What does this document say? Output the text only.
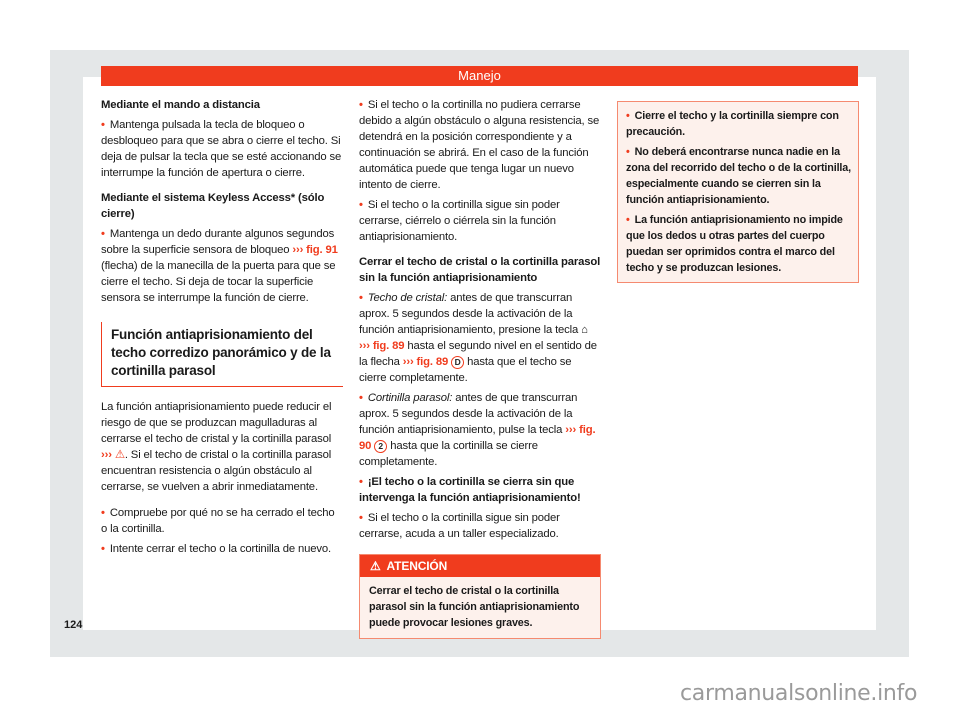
Manejo

Mediante el mando a distancia

• Mantenga pulsada la tecla de bloqueo o desbloqueo para que se abra o cierre el techo. Si deja de pulsar la tecla que se esté accionando se interrumpe la función de apertura o cierre.

Mediante el sistema Keyless Access* (sólo cierre)

• Mantenga un dedo durante algunos segundos sobre la superficie sensora de bloqueo ››› fig. 91 (flecha) de la manecilla de la puerta para que se cierre el techo. Si deja de tocar la superficie sensora se interrumpe la función de cierre.

Función antiaprisionamiento del techo corredizo panorámico y de la cortinilla parasol

La función antiaprisionamiento puede reducir el riesgo de que se produzcan magulladuras al cerrarse el techo de cristal y la cortinilla parasol ››› ⚠. Si el techo de cristal o la cortinilla parasol encuentran resistencia o algún obstáculo al cerrarse, se vuelven a abrir inmediatamente.

• Compruebe por qué no se ha cerrado el techo o la cortinilla.

• Intente cerrar el techo o la cortinilla de nuevo.

• Si el techo o la cortinilla no pudiera cerrarse debido a algún obstáculo o alguna resistencia, se detendrá en la posición correspondiente y a continuación se abrirá. En el caso de la función automática puede que tenga lugar un nuevo intento de cierre.

• Si el techo o la cortinilla sigue sin poder cerrarse, ciérrelo o ciérrela sin la función antiaprisionamiento.

Cerrar el techo de cristal o la cortinilla parasol sin la función antiaprisionamiento

• Techo de cristal: antes de que transcurran aprox. 5 segundos desde la activación de la función antiaprisionamiento, presione la tecla ⌂ ››› fig. 89 hasta el segundo nivel en el sentido de la flecha ››› fig. 89 D hasta que el techo se cierre completamente.

• Cortinilla parasol: antes de que transcurran aprox. 5 segundos desde la activación de la función antiaprisionamiento, pulse la tecla ››› fig. 90 2 hasta que la cortinilla se cierre completamente.

• ¡El techo o la cortinilla se cierra sin que intervenga la función antiaprisionamiento!

• Si el techo o la cortinilla sigue sin poder cerrarse, acuda a un taller especializado.

⚠ ATENCIÓN
Cerrar el techo de cristal o la cortinilla parasol sin la función antiaprisionamiento puede provocar lesiones graves.

• Cierre el techo y la cortinilla siempre con precaución.

• No deberá encontrarse nunca nadie en la zona del recorrido del techo o de la cortinilla, especialmente cuando se cierren sin la función antiaprisionamiento.

• La función antiaprisionamiento no impide que los dedos u otras partes del cuerpo puedan ser oprimidos contra el marco del techo y se produzcan lesiones.

124
carmanualsonline.info
